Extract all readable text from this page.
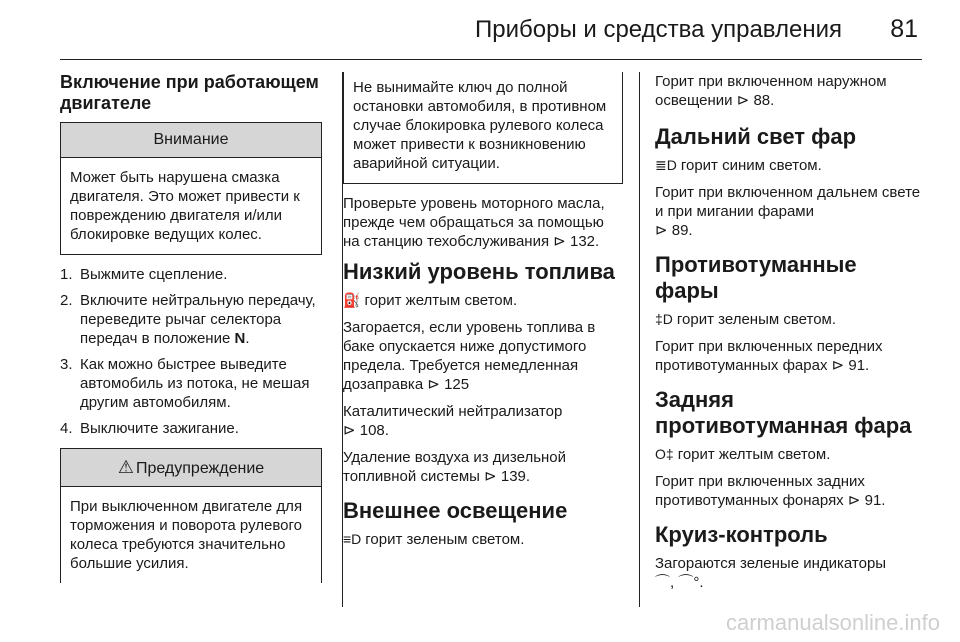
Приборы и средства управления 81
Включение при работающем двигателе
Внимание
Может быть нарушена смазка двигателя. Это может привести к повреждению двигателя и/или блокировке ведущих колес.
1. Выжмите сцепление.
2. Включите нейтральную передачу, переведите рычаг селектора передач в положение N.
3. Как можно быстрее выведите автомобиль из потока, не мешая другим автомобилям.
4. Выключите зажигание.
⚠ Предупреждение
При выключенном двигателе для торможения и поворота рулевого колеса требуются значительно большие усилия.
Не вынимайте ключ до полной остановки автомобиля, в противном случае блокировка рулевого колеса может привести к возникновению аварийной ситуации.

Проверьте уровень моторного масла, прежде чем обращаться за помощью на станцию техобслуживания ⊳ 132.

Низкий уровень топлива

⛽ горит желтым светом.

Загорается, если уровень топлива в баке опускается ниже допустимого предела. Требуется немедленная дозаправка ⊳ 125

Каталитический нейтрализатор

⊳ 108.

Удаление воздуха из дизельной топливной системы ⊳ 139.

Внешнее освещение

≡D горит зеленым светом.

Горит при включенном наружном освещении ⊳ 88.

Дальний свет фар

≣D горит синим светом.

Горит при включенном дальнем свете и при мигании фарами

⊳ 89.

Противотуманные фары

‡D горит зеленым светом.

Горит при включенных передних противотуманных фарах ⊳ 91.

Задняя противотуманная фара

O‡ горит желтым светом.

Горит при включенных задних противотуманных фонарях ⊳ 91.

Круиз-контроль

Загораются зеленые индикаторы

⌒, ⌒°.

carmanualsonline.info
